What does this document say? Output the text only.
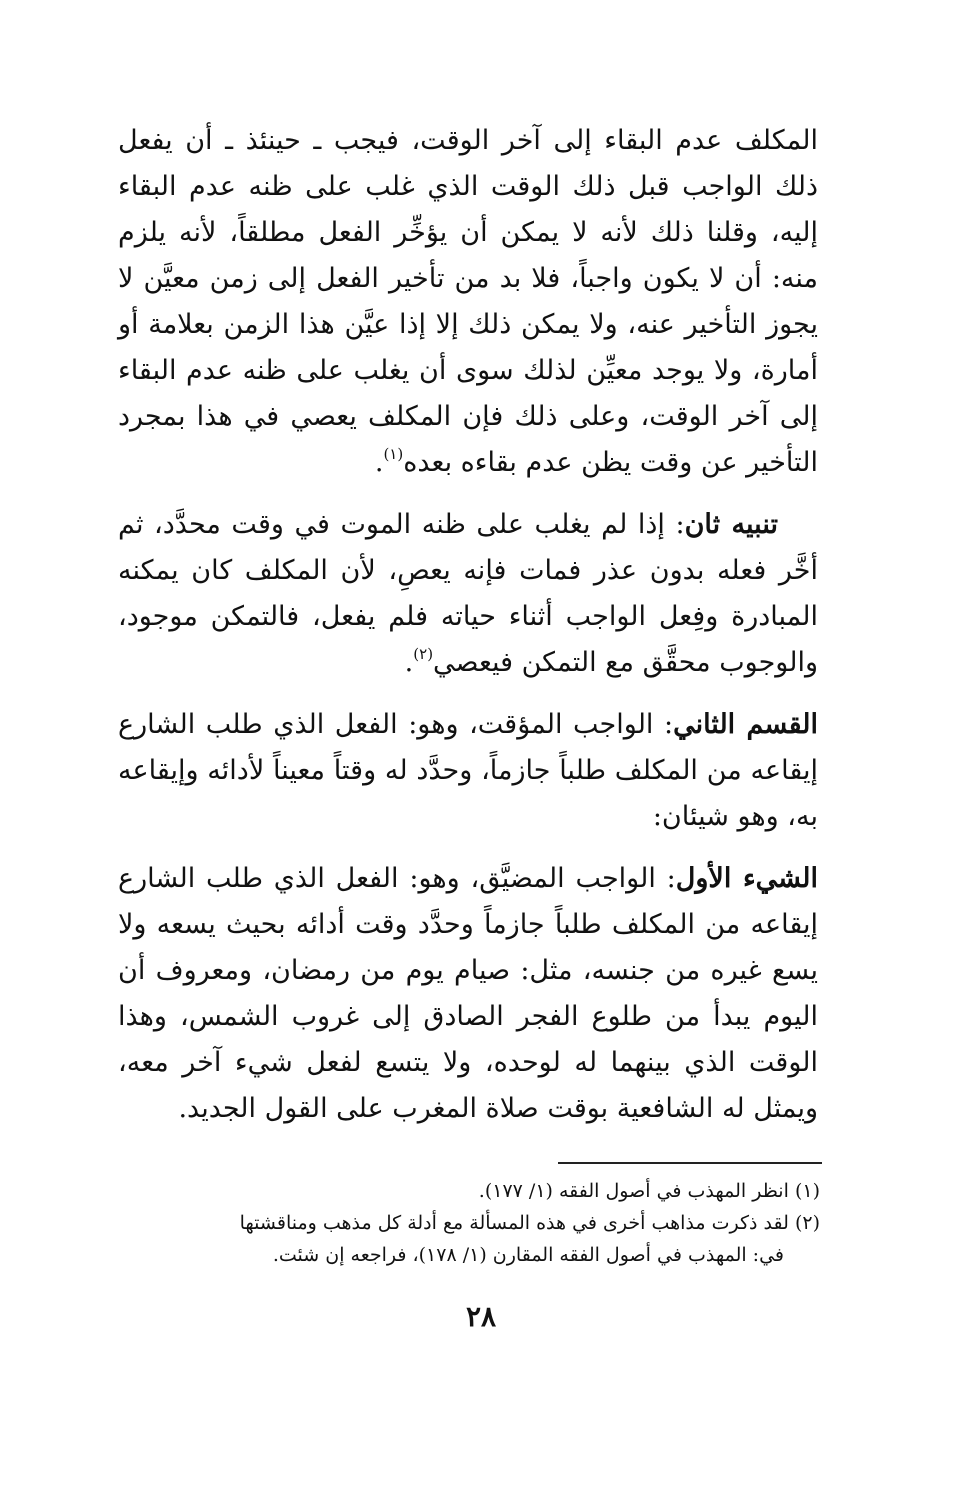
المكلف عدم البقاء إلى آخر الوقت، فيجب ـ حينئذ ـ أن يفعل ذلك الواجب قبل ذلك الوقت الذي غلب على ظنه عدم البقاء إليه، وقلنا ذلك لأنه لا يمكن أن يؤخِّر الفعل مطلقاً، لأنه يلزم منه: أن لا يكون واجباً، فلا بد من تأخير الفعل إلى زمن معيَّن لا يجوز التأخير عنه، ولا يمكن ذلك إلا إذا عيَّن هذا الزمن بعلامة أو أمارة، ولا يوجد معيِّن لذلك سوى أن يغلب على ظنه عدم البقاء إلى آخر الوقت، وعلى ذلك فإن المكلف يعصي في هذا بمجرد التأخير عن وقت يظن عدم بقاءه بعده$^{(١)}$.

تنبيه ثان: إذا لم يغلب على ظنه الموت في وقت محدَّد، ثم أخَّر فعله بدون عذر فمات فإنه يعصِ، لأن المكلف كان يمكنه المبادرة وفِعل الواجب أثناء حياته فلم يفعل، فالتمكن موجود، والوجوب محقَّق مع التمكن فيعصي$^{(٢)}$.

القسم الثاني: الواجب المؤقت، وهو: الفعل الذي طلب الشارع إيقاعه من المكلف طلباً جازماً، وحدَّد له وقتاً معيناً لأدائه وإيقاعه به، وهو شيئان:

الشيء الأول: الواجب المضيَّق، وهو: الفعل الذي طلب الشارع إيقاعه من المكلف طلباً جازماً وحدَّد وقت أدائه بحيث يسعه ولا يسع غيره من جنسه، مثل: صيام يوم من رمضان، ومعروف أن اليوم يبدأ من طلوع الفجر الصادق إلى غروب الشمس، وهذا الوقت الذي بينهما له لوحده، ولا يتسع لفعل شيء آخر معه، ويمثل له الشافعية بوقت صلاة المغرب على القول الجديد.

(١) انظر المهذب في أصول الفقه (١/ ١٧٧).

(٢) لقد ذكرت مذاهب أخرى في هذه المسألة مع أدلة كل مذهب ومناقشتها

في: المهذب في أصول الفقه المقارن (١/ ١٧٨)، فراجعه إن شئت.

٢٨
